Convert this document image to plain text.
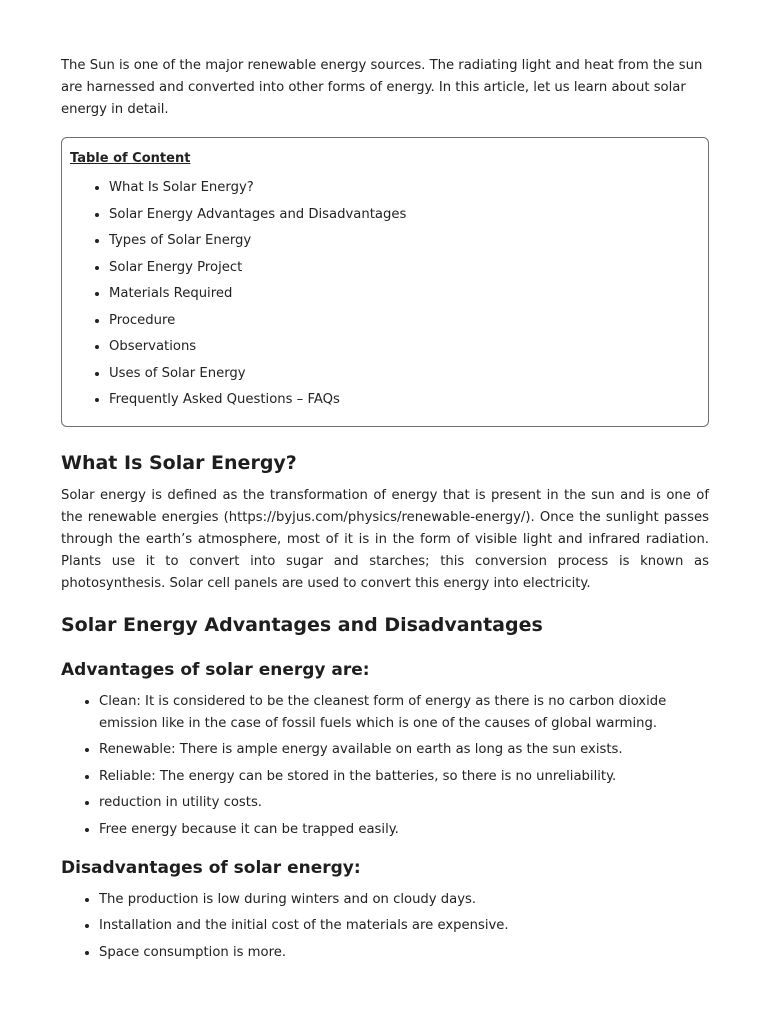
The Sun is one of the major renewable energy sources. The radiating light and heat from the sun are harnessed and converted into other forms of energy. In this article, let us learn about solar energy in detail.

Table of Content
• What Is Solar Energy?
• Solar Energy Advantages and Disadvantages
• Types of Solar Energy
• Solar Energy Project
• Materials Required
• Procedure
• Observations
• Uses of Solar Energy
• Frequently Asked Questions – FAQs
What Is Solar Energy?

Solar energy is defined as the transformation of energy that is present in the sun and is one of the renewable energies (https://byjus.com/physics/renewable-energy/). Once the sunlight passes through the earth’s atmosphere, most of it is in the form of visible light and infrared radiation. Plants use it to convert into sugar and starches; this conversion process is known as photosynthesis. Solar cell panels are used to convert this energy into electricity.

Solar Energy Advantages and Disadvantages
Advantages of solar energy are:
• Clean: It is considered to be the cleanest form of energy as there is no carbon dioxide emission like in the case of fossil fuels which is one of the causes of global warming.
• Renewable: There is ample energy available on earth as long as the sun exists.
• Reliable: The energy can be stored in the batteries, so there is no unreliability.
• reduction in utility costs.
• Free energy because it can be trapped easily.
Disadvantages of solar energy:
• The production is low during winters and on cloudy days.
• Installation and the initial cost of the materials are expensive.
• Space consumption is more.
